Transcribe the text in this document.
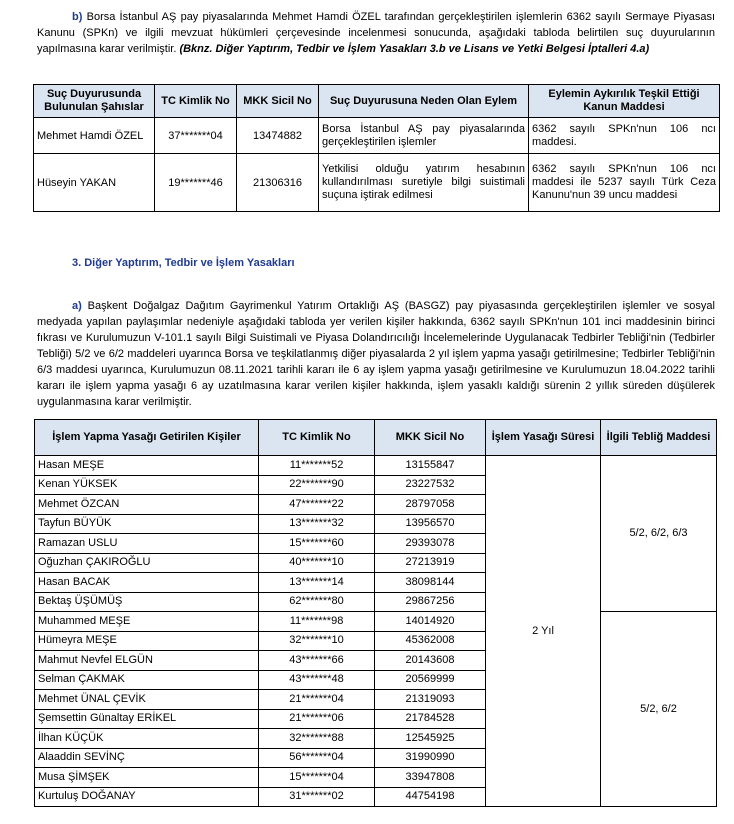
b) Borsa İstanbul AŞ pay piyasalarında Mehmet Hamdi ÖZEL tarafından gerçekleştirilen işlemlerin 6362 sayılı Sermaye Piyasası Kanunu (SPKn) ve ilgili mevzuat hükümleri çerçevesinde incelenmesi sonucunda, aşağıdaki tabloda belirtilen suç duyurularının yapılmasına karar verilmiştir. (Bknz. Diğer Yaptırım, Tedbir ve İşlem Yasakları 3.b ve Lisans ve Yetki Belgesi İptalleri 4.a)

Suç Duyurusunda Bulunulan Şahıslar	TC Kimlik No	MKK Sicil No	Suç Duyurusuna Neden Olan Eylem	Eylemin Aykırılık Teşkil Ettiği Kanun Maddesi
Mehmet Hamdi ÖZEL	37*******04	13474882	Borsa İstanbul AŞ pay piyasalarında gerçekleştirilen işlemler	6362 sayılı SPKn'nun 106 ncı maddesi.
Hüseyin YAKAN	19*******46	21306316	Yetkilisi olduğu yatırım hesabının kullandırılması suretiyle bilgi suistimali suçuna iştirak edilmesi	6362 sayılı SPKn'nun 106 ncı maddesi ile 5237 sayılı Türk Ceza Kanunu'nun 39 uncu maddesi

3. Diğer Yaptırım, Tedbir ve İşlem Yasakları

a) Başkent Doğalgaz Dağıtım Gayrimenkul Yatırım Ortaklığı AŞ (BASGZ) pay piyasasında gerçekleştirilen işlemler ve sosyal medyada yapılan paylaşımlar nedeniyle aşağıdaki tabloda yer verilen kişiler hakkında, 6362 sayılı SPKn'nun 101 inci maddesinin birinci fıkrası ve Kurulumuzun V-101.1 sayılı Bilgi Suistimali ve Piyasa Dolandırıcılığı İncelemelerinde Uygulanacak Tedbirler Tebliği'nin (Tedbirler Tebliği) 5/2 ve 6/2 maddeleri uyarınca Borsa ve teşkilatlanmış diğer piyasalarda 2 yıl işlem yapma yasağı getirilmesine; Tedbirler Tebliği'nin 6/3 maddesi uyarınca, Kurulumuzun 08.11.2021 tarihli kararı ile 6 ay işlem yapma yasağı getirilmesine ve Kurulumuzun 18.04.2022 tarihli kararı ile işlem yapma yasağı 6 ay uzatılmasına karar verilen kişiler hakkında, işlem yasaklı kaldığı sürenin 2 yıllık süreden düşülerek uygulanmasına karar verilmiştir.

İşlem Yapma Yasağı Getirilen Kişiler	TC Kimlik No	MKK Sicil No	İşlem Yasağı Süresi	İlgili Tebliğ Maddesi
Hasan MEŞE	11*******52	13155847	2 Yıl	5/2, 6/2, 6/3
Kenan YÜKSEK	22*******90	23227532		
Mehmet ÖZCAN	47*******22	28797058		
Tayfun BÜYÜK	13*******32	13956570		
Ramazan USLU	15*******60	29393078		
Oğuzhan ÇAKIROĞLU	40*******10	27213919		
Hasan BACAK	13*******14	38098144		
Bektaş ÜŞÜMÜŞ	62*******80	29867256		
Muhammed MEŞE	11*******98	14014920		5/2, 6/2
Hümeyra MEŞE	32*******10	45362008		
Mahmut Nevfel ELGÜN	43*******66	20143608		
Selman ÇAKMAK	43*******48	20569999		
Mehmet ÜNAL ÇEVİK	21*******04	21319093		
Şemsettin Günaltay ERİKEL	21*******06	21784528		
İlhan KÜÇÜK	32*******88	12545925		
Alaaddin SEVİNÇ	56*******04	31990990		
Musa ŞİMŞEK	15*******04	33947808		
Kurtuluş DOĞANAY	31*******02	44754198		
